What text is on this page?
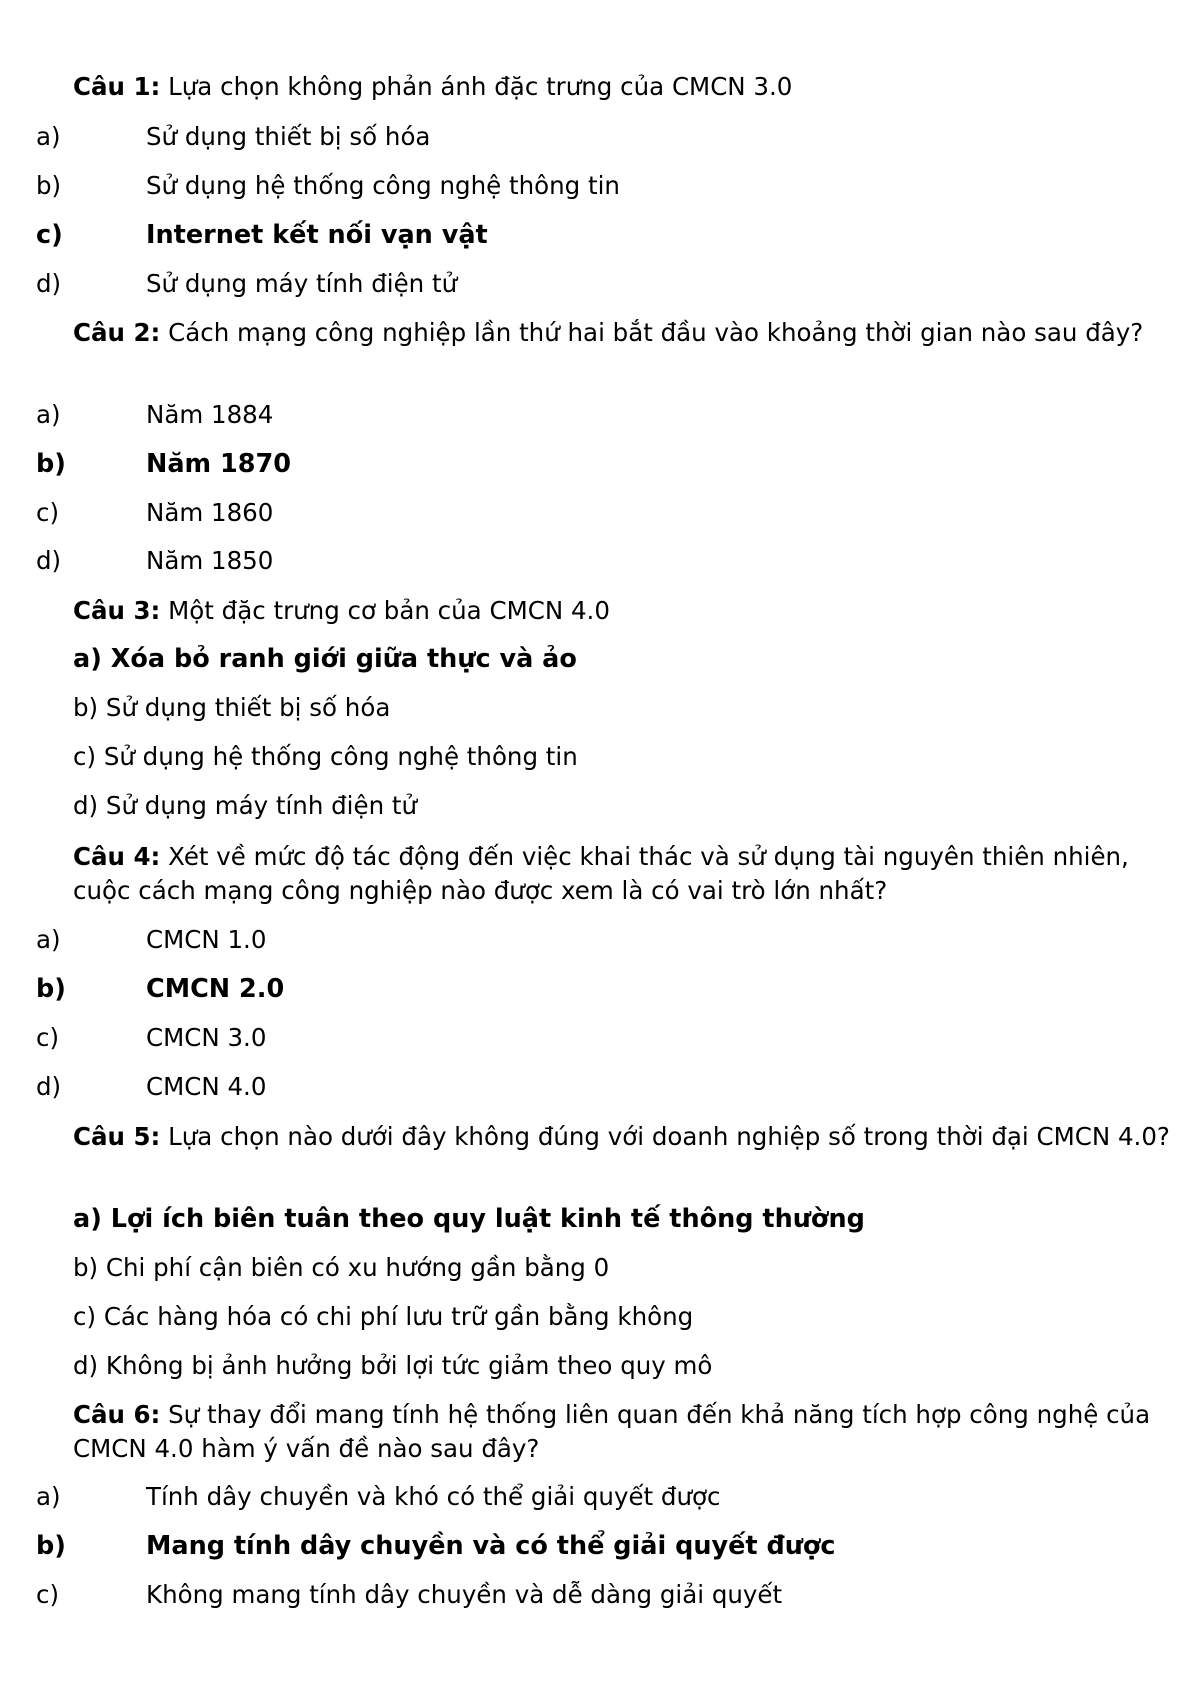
Câu 1: Lựa chọn không phản ánh đặc trưng của CMCN 3.0
a)	Sử dụng thiết bị số hóa
b)	Sử dụng hệ thống công nghệ thông tin
c)	Internet kết nối vạn vật
d)	Sử dụng máy tính điện tử
Câu 2: Cách mạng công nghiệp lần thứ hai bắt đầu vào khoảng thời gian nào sau đây?
a)	Năm 1884
b)	Năm 1870
c)	Năm 1860
d)	Năm 1850
Câu 3: Một đặc trưng cơ bản của CMCN 4.0
a) Xóa bỏ ranh giới giữa thực và ảo
b) Sử dụng thiết bị số hóa
c) Sử dụng hệ thống công nghệ thông tin
d) Sử dụng máy tính điện tử
Câu 4: Xét về mức độ tác động đến việc khai thác và sử dụng tài nguyên thiên nhiên, cuộc cách mạng công nghiệp nào được xem là có vai trò lớn nhất?
a)	CMCN 1.0
b)	CMCN 2.0
c)	CMCN 3.0
d)	CMCN 4.0
Câu 5: Lựa chọn nào dưới đây không đúng với doanh nghiệp số trong thời đại CMCN 4.0?
a) Lợi ích biên tuân theo quy luật kinh tế thông thường
b) Chi phí cận biên có xu hướng gần bằng 0
c) Các hàng hóa có chi phí lưu trữ gần bằng không
d) Không bị ảnh hưởng bởi lợi tức giảm theo quy mô
Câu 6: Sự thay đổi mang tính hệ thống liên quan đến khả năng tích hợp công nghệ của CMCN 4.0 hàm ý vấn đề nào sau đây?
a)	Tính dây chuyền và khó có thể giải quyết được
b)	Mang tính dây chuyền và có thể giải quyết được
c)	Không mang tính dây chuyền và dễ dàng giải quyết
